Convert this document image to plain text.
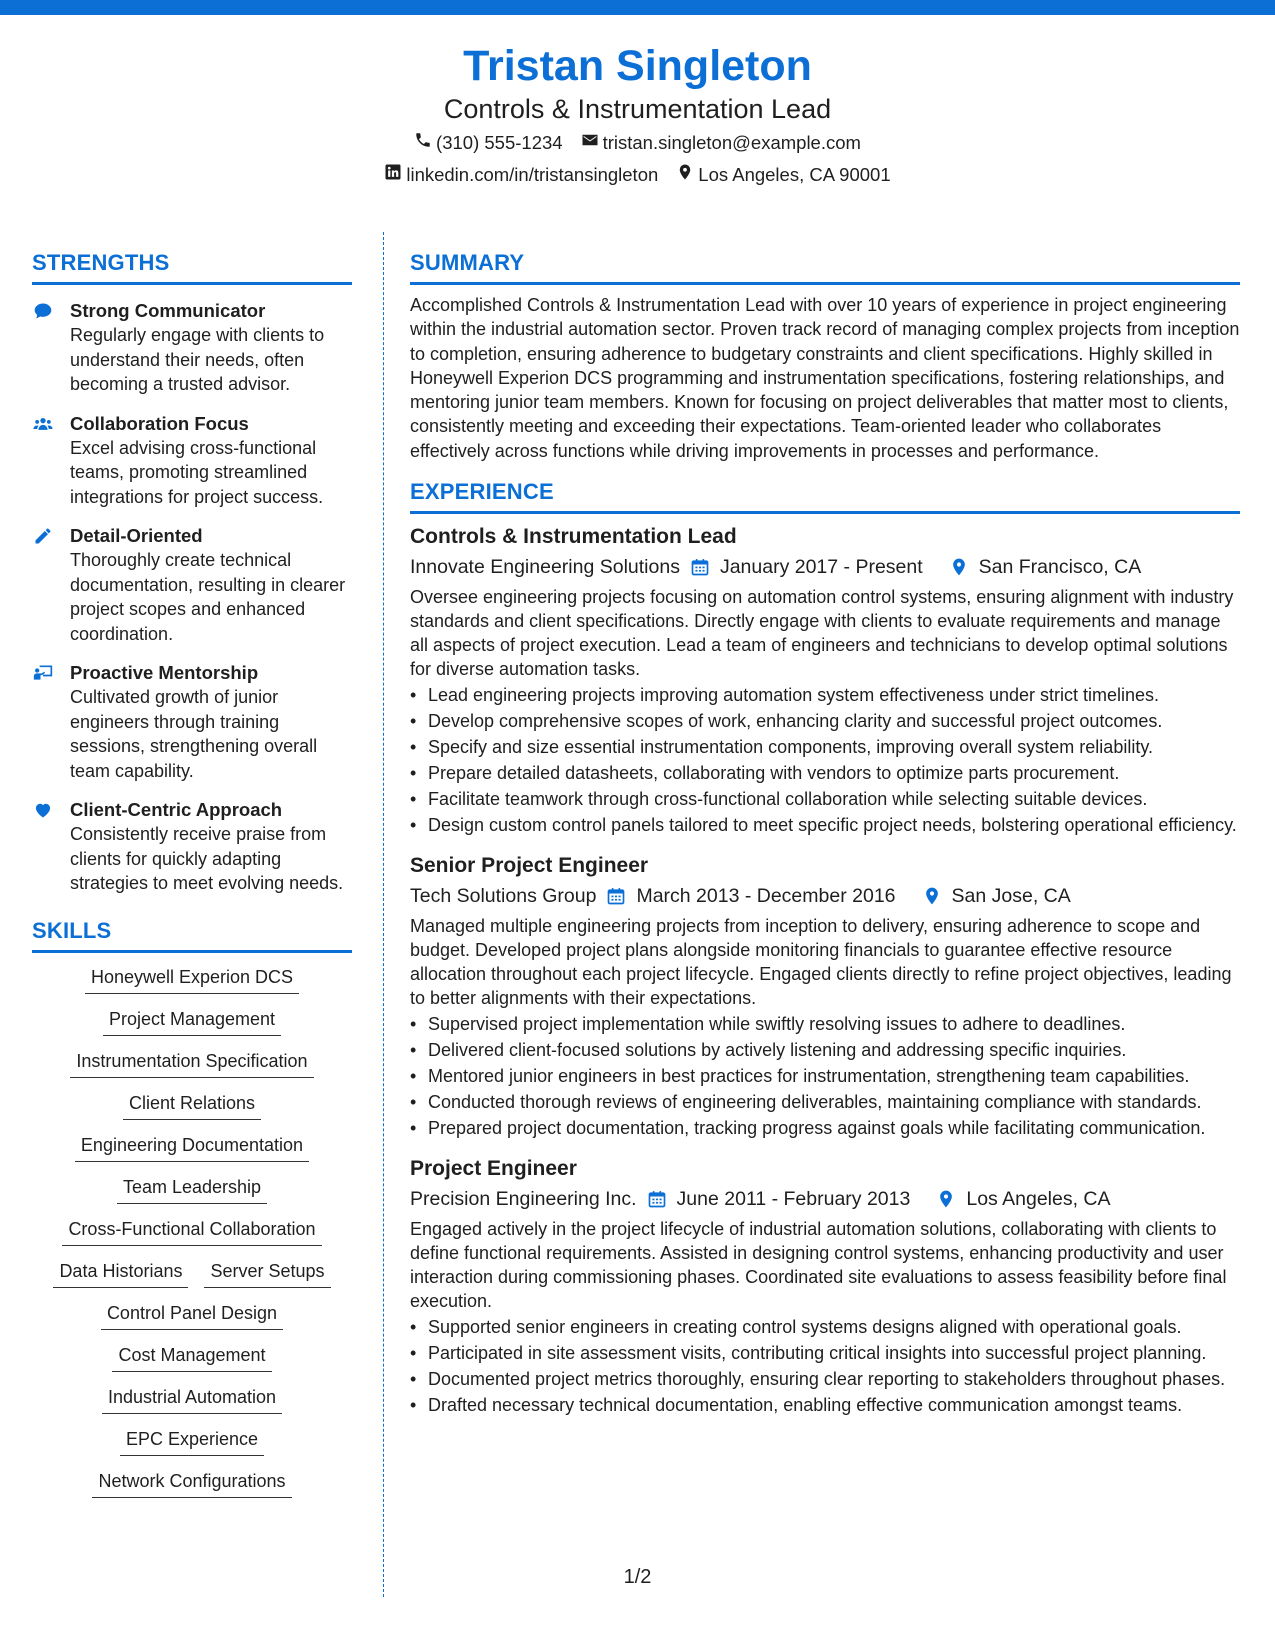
Tristan Singleton
Controls & Instrumentation Lead
(310) 555-1234 tristan.singleton@example.com
linkedin.com/in/tristansingleton Los Angeles, CA 90001
STRENGTHS
Strong Communicator
Regularly engage with clients to understand their needs, often becoming a trusted advisor.
Collaboration Focus
Excel advising cross-functional teams, promoting streamlined integrations for project success.
Detail-Oriented
Thoroughly create technical documentation, resulting in clearer project scopes and enhanced coordination.
Proactive Mentorship
Cultivated growth of junior engineers through training sessions, strengthening overall team capability.
Client-Centric Approach
Consistently receive praise from clients for quickly adapting strategies to meet evolving needs.
SKILLS
Honeywell Experion DCS
Project Management
Instrumentation Specification
Client Relations
Engineering Documentation
Team Leadership
Cross-Functional Collaboration
Data Historians	Server Setups
Control Panel Design
Cost Management
Industrial Automation
EPC Experience
Network Configurations
SUMMARY
Accomplished Controls & Instrumentation Lead with over 10 years of experience in project engineering within the industrial automation sector. Proven track record of managing complex projects from inception to completion, ensuring adherence to budgetary constraints and client specifications. Highly skilled in Honeywell Experion DCS programming and instrumentation specifications, fostering relationships, and mentoring junior team members. Known for focusing on project deliverables that matter most to clients, consistently meeting and exceeding their expectations. Team-oriented leader who collaborates effectively across functions while driving improvements in processes and performance.
EXPERIENCE
Controls & Instrumentation Lead
Innovate Engineering Solutions January 2017 - Present	San Francisco, CA
Oversee engineering projects focusing on automation control systems, ensuring alignment with industry standards and client specifications. Directly engage with clients to evaluate requirements and manage all aspects of project execution. Lead a team of engineers and technicians to develop optimal solutions for diverse automation tasks.
• Lead engineering projects improving automation system effectiveness under strict timelines.
• Develop comprehensive scopes of work, enhancing clarity and successful project outcomes.
• Specify and size essential instrumentation components, improving overall system reliability.
• Prepare detailed datasheets, collaborating with vendors to optimize parts procurement.
• Facilitate teamwork through cross-functional collaboration while selecting suitable devices.
• Design custom control panels tailored to meet specific project needs, bolstering operational efficiency.
Senior Project Engineer
Tech Solutions Group March 2013 - December 2016	San Jose, CA
Managed multiple engineering projects from inception to delivery, ensuring adherence to scope and budget. Developed project plans alongside monitoring financials to guarantee effective resource allocation throughout each project lifecycle. Engaged clients directly to refine project objectives, leading to better alignments with their expectations.
• Supervised project implementation while swiftly resolving issues to adhere to deadlines.
• Delivered client-focused solutions by actively listening and addressing specific inquiries.
• Mentored junior engineers in best practices for instrumentation, strengthening team capabilities.
• Conducted thorough reviews of engineering deliverables, maintaining compliance with standards.
• Prepared project documentation, tracking progress against goals while facilitating communication.
Project Engineer
Precision Engineering Inc. June 2011 - February 2013	Los Angeles, CA
Engaged actively in the project lifecycle of industrial automation solutions, collaborating with clients to define functional requirements. Assisted in designing control systems, enhancing productivity and user interaction during commissioning phases. Coordinated site evaluations to assess feasibility before final execution.
• Supported senior engineers in creating control systems designs aligned with operational goals.
• Participated in site assessment visits, contributing critical insights into successful project planning.
• Documented project metrics thoroughly, ensuring clear reporting to stakeholders throughout phases.
• Drafted necessary technical documentation, enabling effective communication amongst teams.
1/2
